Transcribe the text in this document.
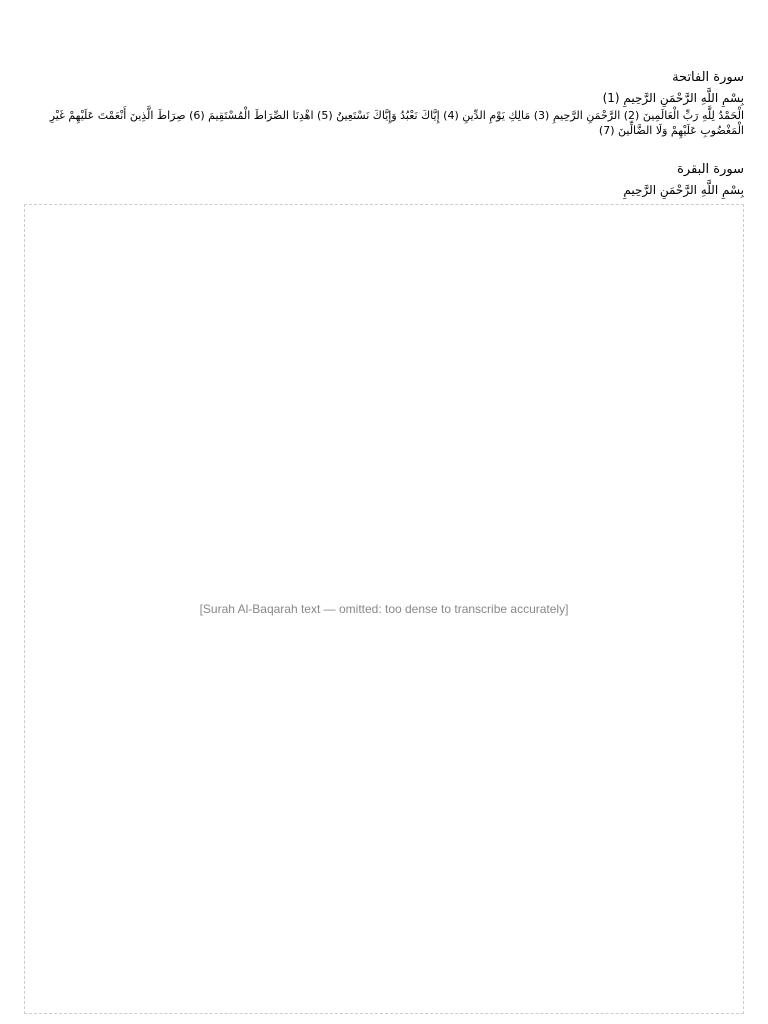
سورة الفاتحة
بِسْمِ اللَّهِ الرَّحْمَنِ الرَّحِيمِ (1)
الْحَمْدُ لِلَّهِ رَبِّ الْعَالَمِينَ (2) الرَّحْمَنِ الرَّحِيمِ (3) مَالِكِ يَوْمِ الدِّينِ (4) إِيَّاكَ نَعْبُدُ وَإِيَّاكَ نَسْتَعِينُ (5) اهْدِنَا الصِّرَاطَ الْمُسْتَقِيمَ (6) صِرَاطَ الَّذِينَ أَنْعَمْتَ عَلَيْهِمْ غَيْرِ الْمَغْضُوبِ عَلَيْهِمْ وَلَا الضَّالِّينَ (7)
سورة البقرة
بِسْمِ اللَّهِ الرَّحْمَنِ الرَّحِيمِ
[Surah Al-Baqarah text — omitted: too dense to transcribe accurately]
